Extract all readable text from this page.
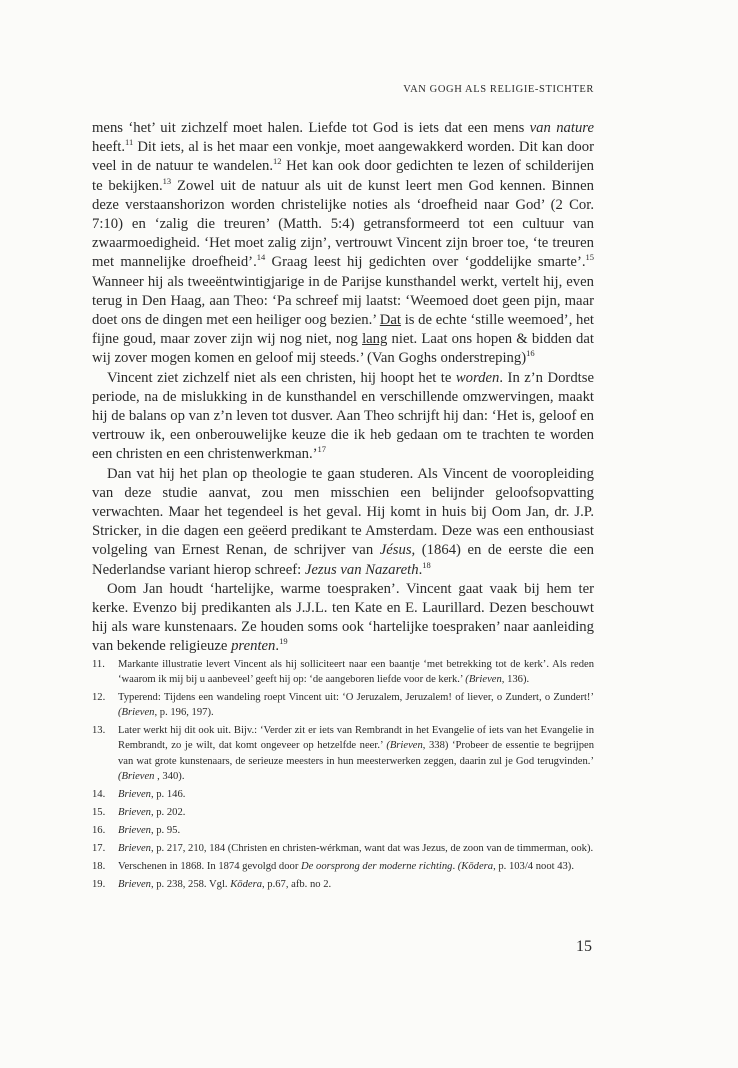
VAN GOGH ALS RELIGIE-STICHTER

mens ‘het’ uit zichzelf moet halen. Liefde tot God is iets dat een mens van nature heeft.$^{11}$ Dit iets, al is het maar een vonkje, moet aangewakkerd worden. Dit kan door veel in de natuur te wandelen.$^{12}$ Het kan ook door gedichten te lezen of schilderijen te bekijken.$^{13}$ Zowel uit de natuur als uit de kunst leert men God kennen. Binnen deze verstaanshorizon worden christelijke noties als ‘droefheid naar God’ (2 Cor. 7:10) en ‘zalig die treuren’ (Matth. 5:4) getransformeerd tot een cultuur van zwaarmoedigheid. ‘Het moet zalig zijn’, vertrouwt Vincent zijn broer toe, ‘te treuren met mannelijke droefheid’.$^{14}$ Graag leest hij gedichten over ‘goddelijke smarte’.$^{15}$ Wanneer hij als tweeëntwintigjarige in de Parijse kunsthandel werkt, vertelt hij, even terug in Den Haag, aan Theo: ‘Pa schreef mij laatst: ‘Weemoed doet geen pijn, maar doet ons de dingen met een heiliger oog bezien.’ Dat is de echte ‘stille weemoed’, het fijne goud, maar zover zijn wij nog niet, nog lang niet. Laat ons hopen & bidden dat wij zover mogen komen en geloof mij steeds.’ (Van Goghs onderstreping)$^{16}$

Vincent ziet zichzelf niet als een christen, hij hoopt het te worden. In z’n Dordtse periode, na de mislukking in de kunsthandel en verschillende omzwervingen, maakt hij de balans op van z’n leven tot dusver. Aan Theo schrijft hij dan: ‘Het is, geloof en vertrouw ik, een onberouwelijke keuze die ik heb gedaan om te trachten te worden een christen en een christenwerkman.’$^{17}$

Dan vat hij het plan op theologie te gaan studeren. Als Vincent de vooropleiding van deze studie aanvat, zou men misschien een belijnder geloofsopvatting verwachten. Maar het tegendeel is het geval. Hij komt in huis bij Oom Jan, dr. J.P. Stricker, in die dagen een geëerd predikant te Amsterdam. Deze was een enthousiast volgeling van Ernest Renan, de schrijver van Jésus, (1864) en de eerste die een Nederlandse variant hierop schreef: Jezus van Nazareth.$^{18}$

Oom Jan houdt ‘hartelijke, warme toespraken’. Vincent gaat vaak bij hem ter kerke. Evenzo bij predikanten als J.J.L. ten Kate en E. Laurillard. Dezen beschouwt hij als ware kunstenaars. Ze houden soms ook ‘hartelijke toespraken’ naar aanleiding van bekende religieuze prenten.$^{19}$

11.	Markante illustratie levert Vincent als hij solliciteert naar een baantje ‘met betrekking tot de kerk’. Als reden ‘waarom ik mij bij u aanbeveel’ geeft hij op: ‘de aangeboren liefde voor de kerk.’ (Brieven, 136).
12.	Typerend: Tijdens een wandeling roept Vincent uit: ‘O Jeruzalem, Jeruzalem! of liever, o Zundert, o Zundert!’ (Brieven, p. 196, 197).
13.	Later werkt hij dit ook uit. Bijv.: ‘Verder zit er iets van Rembrandt in het Evangelie of iets van het Evangelie in Rembrandt, zo je wilt, dat komt ongeveer op hetzelfde neer.’ (Brieven, 338) ‘Probeer de essentie te begrijpen van wat grote kunstenaars, de serieuze meesters in hun meesterwerken zeggen, daarin zul je God terugvinden.’ (Brieven , 340).
14.	Brieven, p. 146.
15.	Brieven, p. 202.
16.	Brieven, p. 95.
17.	Brieven, p. 217, 210, 184 (Christen en christen-wérkman, want dat was Jezus, de zoon van de timmerman, ook).
18.	Verschenen in 1868. In 1874 gevolgd door De oorsprong der moderne richting. (Kōdera, p. 103/4 noot 43).
19.	Brieven, p. 238, 258. Vgl. Kōdera, p.67, afb. no 2.
15
